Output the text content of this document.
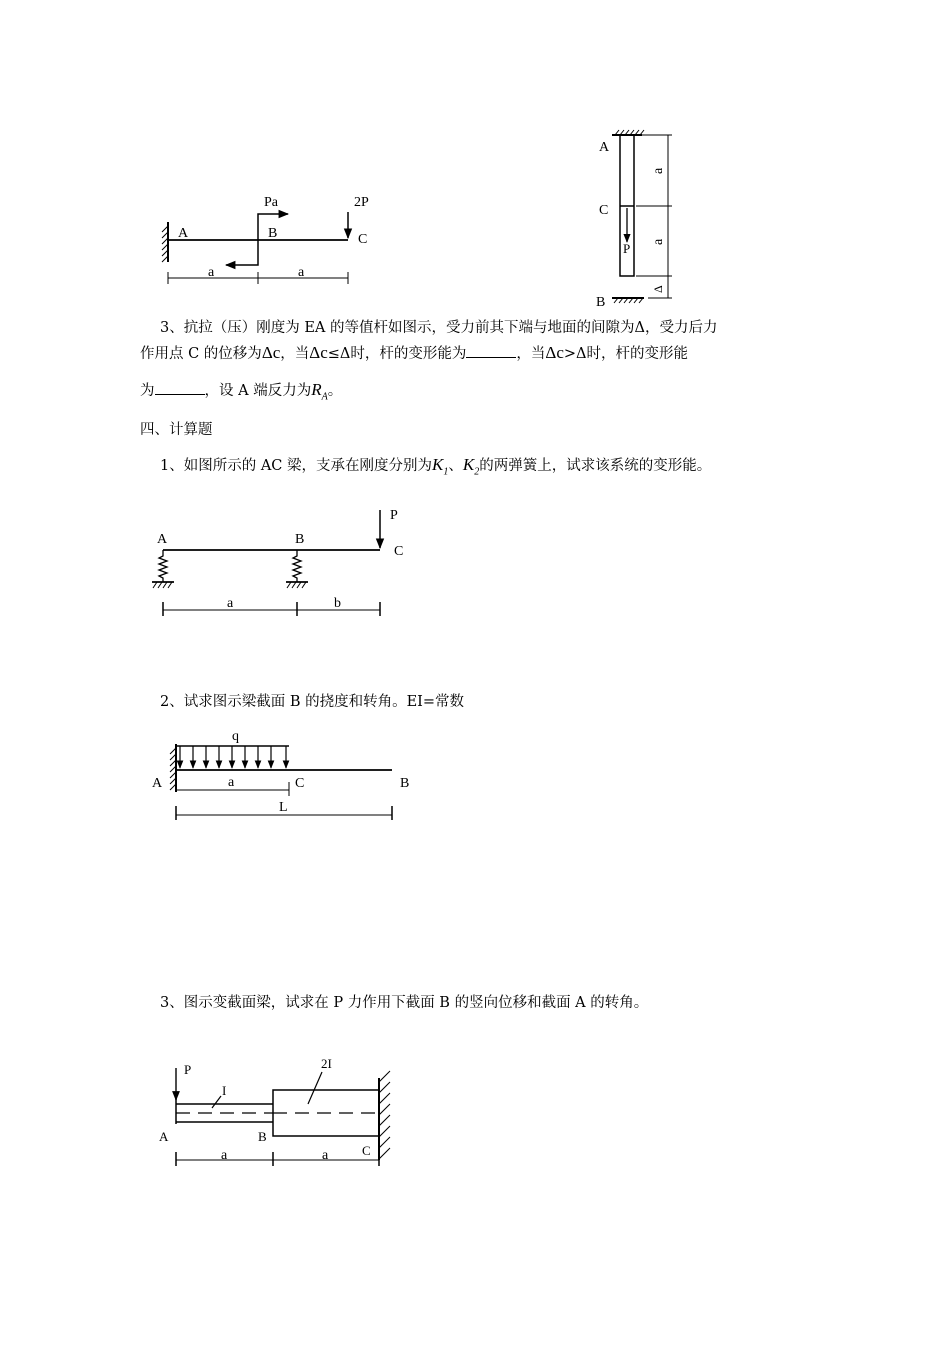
A	B	C
Pa	2P
a	a
A
C
B
P
a
a
Δ
A	B
C
P
a	b
q
A	C	B
a
L
P
I
2I
A	B
C
a	a
3、抗拉（压）刚度为 EA 的等值杆如图示，受力前其下端与地面的间隙为Δ，受力后力
作用点 C 的位移为Δc，当Δc≤Δ时，杆的变形能为	，当Δc>Δ时，杆的变形能
为	，设 A 端反力为$R_A$。
四、计算题
1、如图所示的 AC 梁，支承在刚度分别为$K_1$、$K_2$的两弹簧上，试求该系统的变形能。
2、试求图示梁截面 B 的挠度和转角。EI=常数
3、图示变截面梁，试求在 P 力作用下截面 B 的竖向位移和截面 A 的转角。
